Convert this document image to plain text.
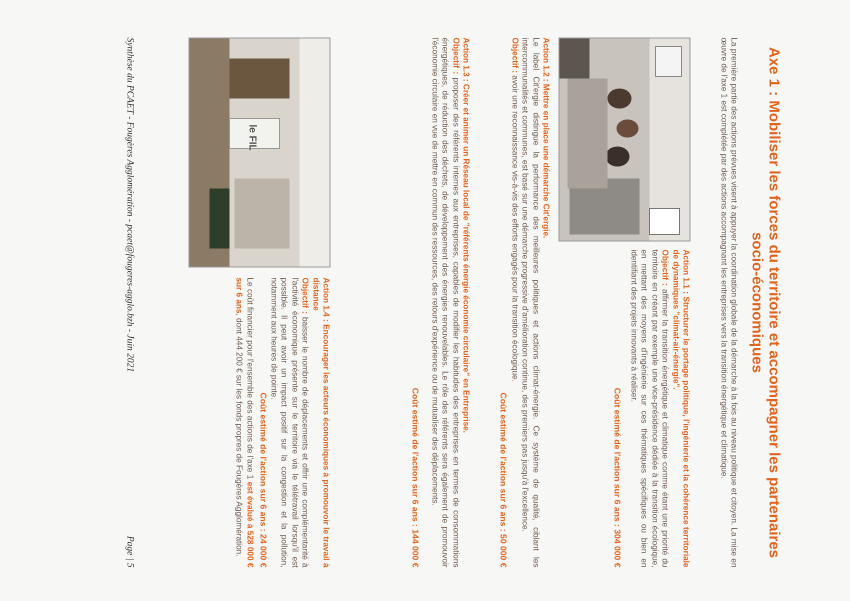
Axe 1 : Mobiliser les forces du territoire et accompagner les partenaires socio-économiques
La première partie des actions prévues visent à appuyer la coordination globale de la démarche à la fois au niveau politique et citoyen. La mise en œuvre de l'axe 1 est complétée par des actions accompagnant les entreprises vers la transition énergétique et climatique.
Action 1.1 : Structurer le portage politique, l'ingénierie et la cohérence territoriale de dynamiques "climat-air-énergie".
Objectif : affirmer la transition énergétique et climatique comme étant une priorité du territoire en créant par exemple une vice-présidence dédiée à la transition écologique, en mettant des moyens d'ingénierie sur ces thématiques spécifiques ou bien en identifiant des projets innovants à réaliser.
Coût estimé de l'action sur 6 ans : 304 000 €
Action 1.2 : Mettre en place une démarche Cit'ergie.
Le label Cit'ergie distingue la performance des meilleures politiques et actions climat-énergie. Ce système de qualité, ciblant les intercommunalités et communes, est basé sur une démarche progressive d'amélioration continue, des premiers pas jusqu'à l'excellence.
Objectif : avoir une reconnaissance vis-à-vis des efforts engagés pour la transition écologique.
Coût estimé de l'action sur 6 ans : 50 000 €
Action 1.3 : Créer et animer un Réseau local de "référents énergie économie circulaire" en Entreprise.
Objectif : proposer des référents internes aux entreprises, capables de modifier les habitudes des entreprises en termes de consommations énergétiques, de réduction des déchets, de développement des énergies renouvelables. Le rôle des référents sera également de promouvoir l'économie circulaire en vue de mettre en commun des ressources, des retours d'expérience ou de mutualiser des déplacements.
Coût estimé de l'action sur 6 ans : 144 000 €
Action 1.4 : Encourager les acteurs économiques à promouvoir le travail à distance
Objectif : baisser le nombre de déplacements et offrir une complémentarité à l'activité économique présente sur le territoire via le télétravail lorsqu'il est possible. Il peut avoir un impact positif sur la congestion et la pollution, notamment aux heures de pointe.
Coût estimé de l'action sur 6 ans : 24 000 €
Le coût financier pour l'ensemble des actions de l'axe 1 est évalué à 528 000 € sur 6 ans, dont 444 200 € sur les fonds propres de Fougères Agglomération.
le FIL
Synthèse du PCAET - Fougères Agglomération - pcaet@fougeres-agglo.bzh - Juin 2021
Page | 5
